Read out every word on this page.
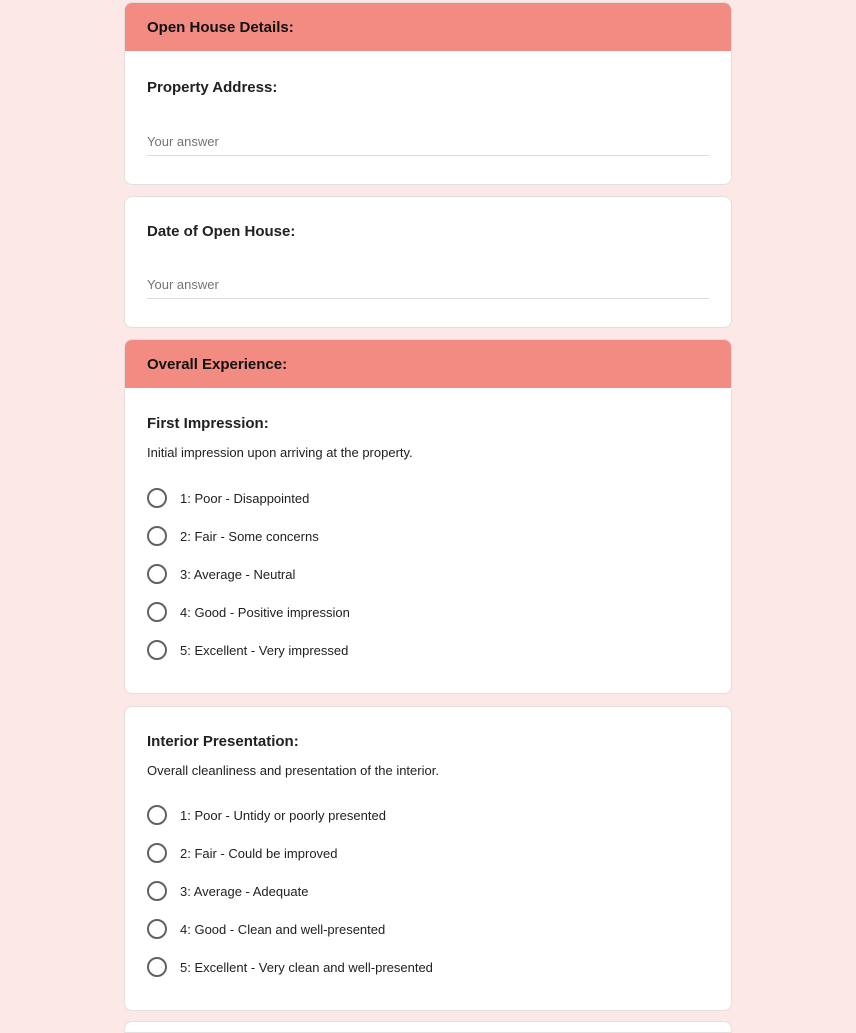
Open House Details:
Property Address:
Your answer
Date of Open House:
Your answer
Overall Experience:
First Impression:
Initial impression upon arriving at the property.
1: Poor - Disappointed
2: Fair - Some concerns
3: Average - Neutral
4: Good - Positive impression
5: Excellent - Very impressed
Interior Presentation:
Overall cleanliness and presentation of the interior.
1: Poor - Untidy or poorly presented
2: Fair - Could be improved
3: Average - Adequate
4: Good - Clean and well-presented
5: Excellent - Very clean and well-presented
